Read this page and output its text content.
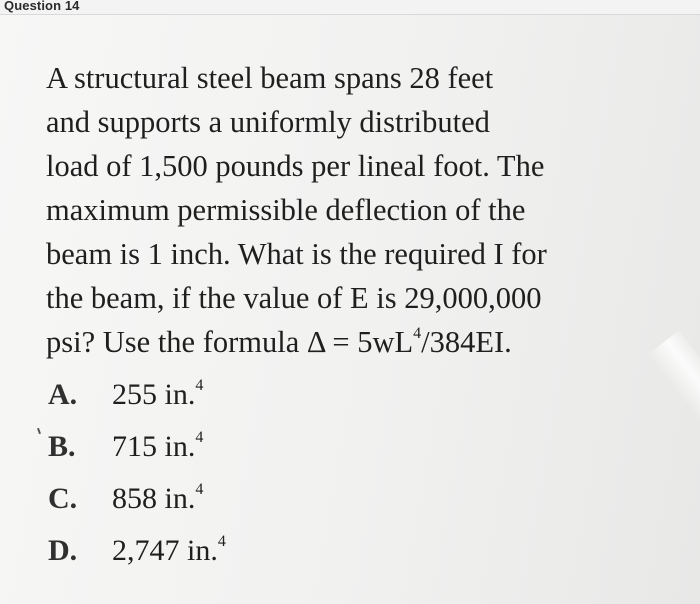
Question 14
A structural steel beam spans 28 feet
and supports a uniformly distributed
load of 1,500 pounds per lineal foot. The
maximum permissible deflection of the
beam is 1 inch. What is the required I for
the beam, if the value of E is 29,000,000
psi? Use the formula $\Delta = 5wL^4/384EI$.
A. 255 in.$^4$
B. 715 in.$^4$
C. 858 in.$^4$
D. 2,747 in.$^4$
